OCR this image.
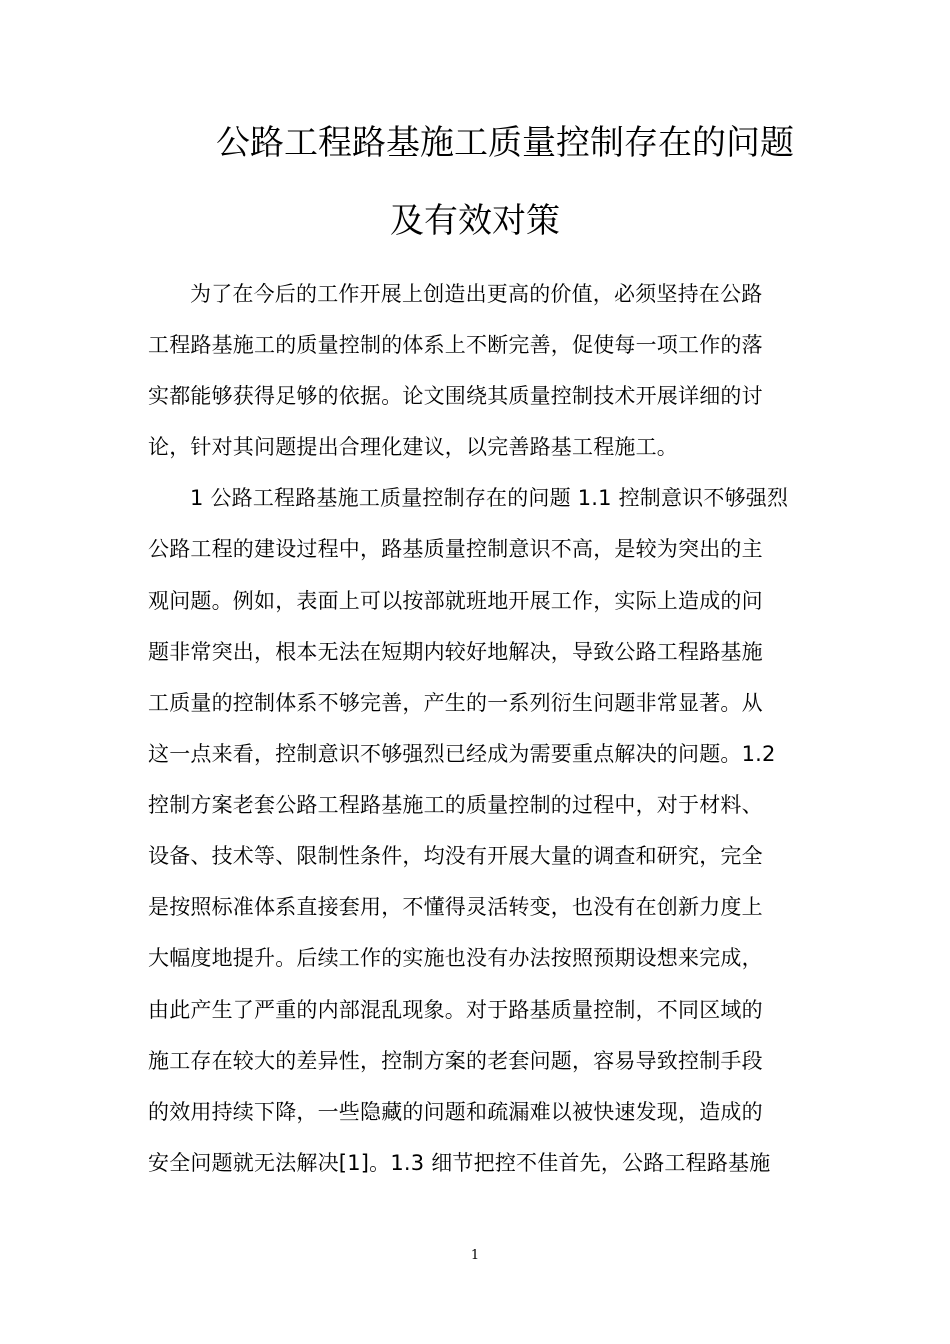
公路工程路基施工质量控制存在的问题
及有效对策
为了在今后的工作开展上创造出更高的价值，必须坚持在公路
工程路基施工的质量控制的体系上不断完善，促使每一项工作的落
实都能够获得足够的依据。论文围绕其质量控制技术开展详细的讨
论，针对其问题提出合理化建议，以完善路基工程施工。
1 公路工程路基施工质量控制存在的问题 1.1 控制意识不够强烈
公路工程的建设过程中，路基质量控制意识不高，是较为突出的主
观问题。例如，表面上可以按部就班地开展工作，实际上造成的问
题非常突出，根本无法在短期内较好地解决，导致公路工程路基施
工质量的控制体系不够完善，产生的一系列衍生问题非常显著。从
这一点来看，控制意识不够强烈已经成为需要重点解决的问题。1.2
控制方案老套公路工程路基施工的质量控制的过程中，对于材料、
设备、技术等、限制性条件，均没有开展大量的调查和研究，完全
是按照标准体系直接套用，不懂得灵活转变，也没有在创新力度上
大幅度地提升。后续工作的实施也没有办法按照预期设想来完成，
由此产生了严重的内部混乱现象。对于路基质量控制，不同区域的
施工存在较大的差异性，控制方案的老套问题，容易导致控制手段
的效用持续下降，一些隐藏的问题和疏漏难以被快速发现，造成的
安全问题就无法解决[1]。1.3 细节把控不佳首先，公路工程路基施
1
